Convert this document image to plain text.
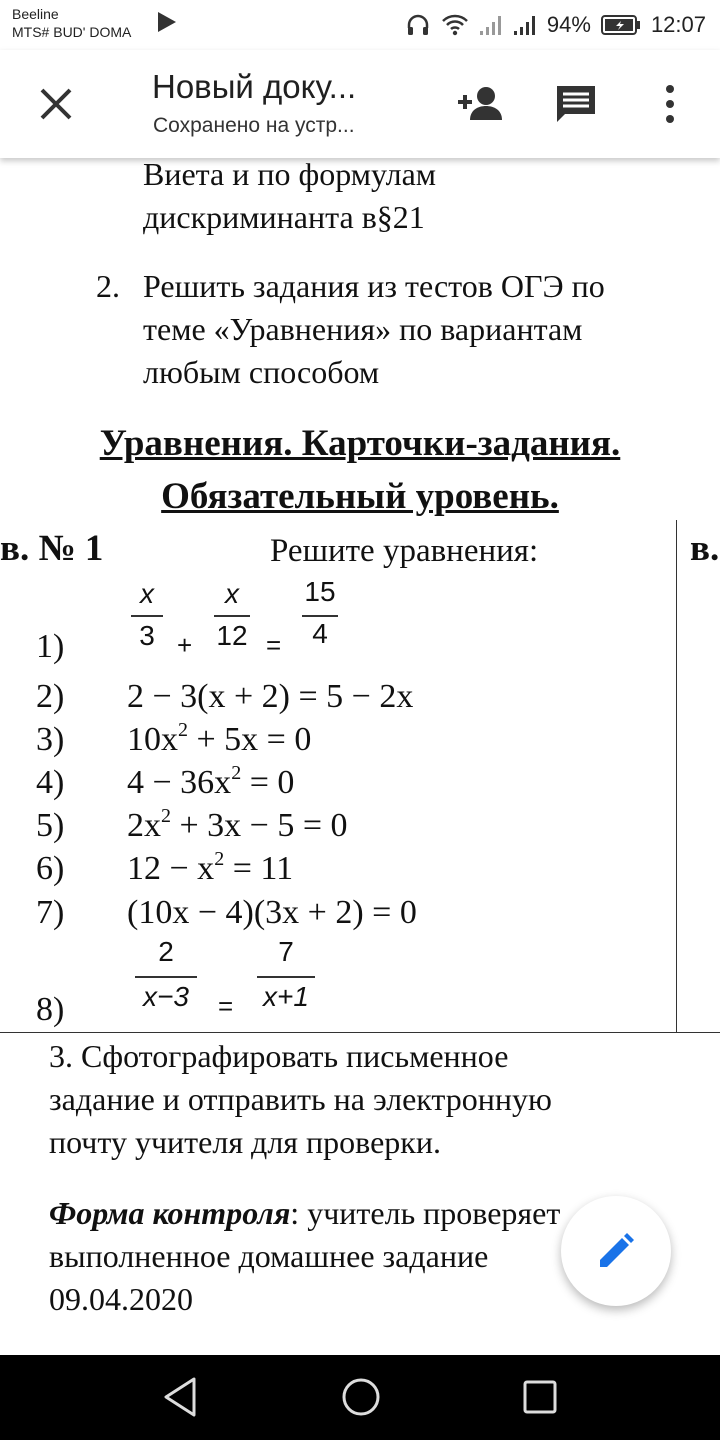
Beeline
MTS# BUD' DOMA	94%	12:07
Новый доку...
Сохранено на устр...
Виета и по формулам
дискриминанта в§21
2. Решить задания из тестов ОГЭ по
теме «Уравнения» по вариантам
любым способом
Уравнения. Карточки-задания.
Обязательный уровень.
в. № 1	Решите уравнения:	в.
1)
x
3 +
x
12 =
15
4
2) 2 − 3(x + 2) = 5 − 2x
3) $10x^2 + 5x = 0$
4) $4 - 36x^2 = 0$
5) $2x^2 + 3x - 5 = 0$
6) $12 - x^2 = 11$
7) (10x − 4)(3x + 2) = 0
8)
2
x−3	=
7
x+1
3. Сфотографировать письменное
задание и отправить на электронную
почту учителя для проверки.
Форма контроля: учитель проверяет
выполненное домашнее задание
09.04.2020
